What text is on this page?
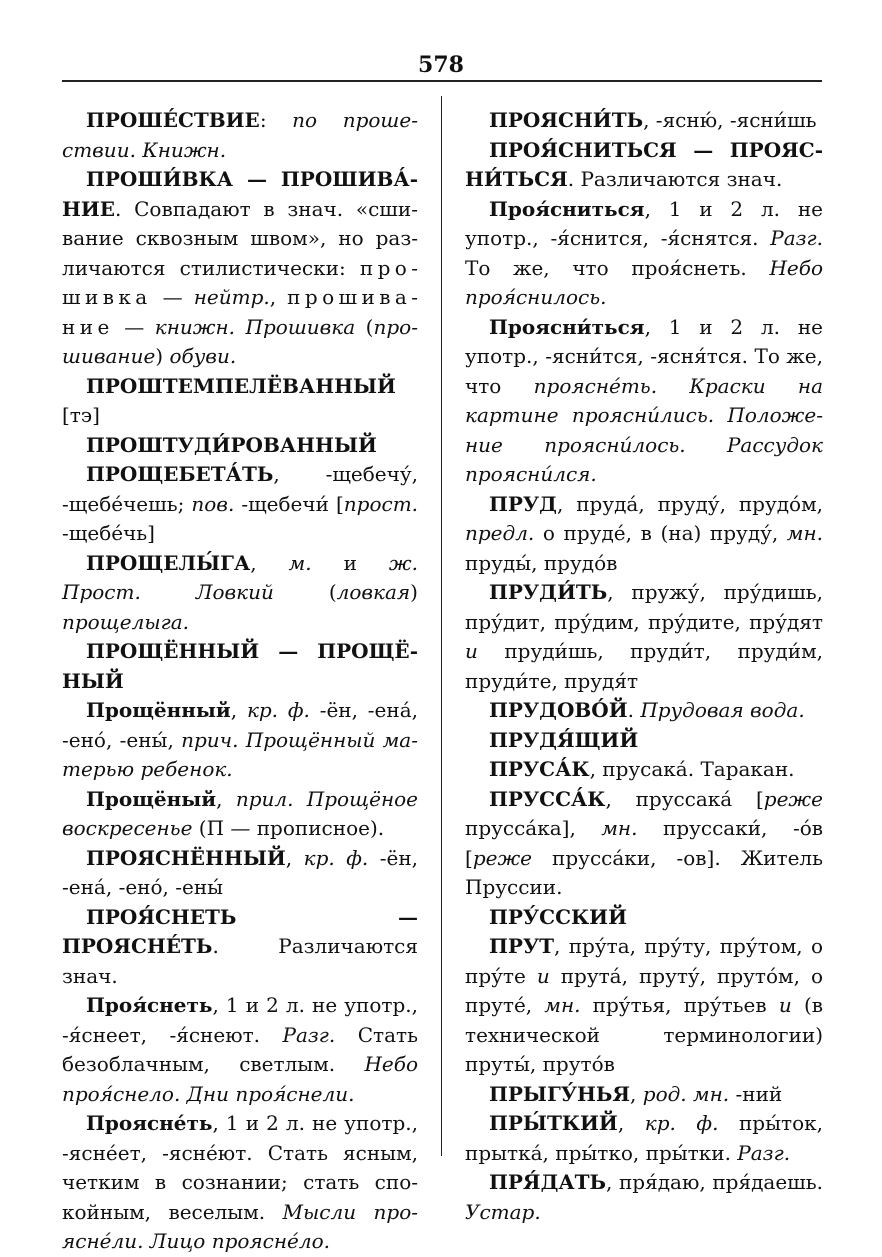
578

ПРОШЕ́СТВИЕ: по прошествии. Книжн.

ПРОШИ́ВКА — ПРОШИВА́НИЕ. Совпадают в знач. «сшивание сквозным швом», но различаются стилистически: прошивка — нейтр., прошивание — книжн. Прошивка (прошивание) обуви.

ПРОШТЕМПЕЛЁВАННЫЙ [тэ]

ПРОШТУДИ́РОВАННЫЙ

ПРОЩЕБЕТА́ТЬ, -щебечу́, -щебе́чешь; пов. -щебечи́ [прост. -щебе́чь]

ПРОЩЕЛЫ́ГА, м. и ж. Прост. Ловкий (ловкая) прощелыга.

ПРОЩЁННЫЙ — ПРОЩЁНЫЙ

Прощённый, кр. ф. -ён, -ена́, -ено́, -ены́, прич. Прощённый матерью ребенок.

Прощёный, прил. Прощёное воскресенье (П — прописное).

ПРОЯСНЁННЫЙ, кр. ф. -ён, -ена́, -ено́, -ены́

ПРОЯ́СНЕТЬ — ПРОЯСНЕ́ТЬ. Различаются знач.

Проя́снеть, 1 и 2 л. не употр., -я́снеет, -я́снеют. Разг. Стать безоблачным, светлым. Небо проя́снело. Дни проя́снели.

Проясне́ть, 1 и 2 л. не употр., -ясне́ет, -ясне́ют. Стать ясным, четким в сознании; стать спокойным, веселым. Мысли проясне́ли. Лицо проясне́ло.

ПРОЯСНИ́ТЬ, -ясню́, -ясни́шь

ПРОЯ́СНИТЬСЯ — ПРОЯСНИ́ТЬСЯ. Различаются знач.

Проя́сниться, 1 и 2 л. не употр., -я́снится, -я́снятся. Разг. То же, что проя́снеть. Небо проя́снилось.

Проясни́ться, 1 и 2 л. не употр., -ясни́тся, -ясня́тся. То же, что проясне́ть. Краски на картине проясни́лись. Положение проясни́лось. Рассудок проясни́лся.

ПРУД, пруда́, пруду́, прудо́м, предл. о пруде́, в (на) пруду́, мн. пруды́, прудо́в

ПРУДИ́ТЬ, пружу́, пру́дишь, пру́дит, пру́дим, пру́дите, пру́дят и пруди́шь, пруди́т, пруди́м, пруди́те, прудя́т

ПРУДОВО́Й. Прудовая вода.

ПРУДЯ́ЩИЙ

ПРУСА́К, прусака́. Таракан.

ПРУССА́К, пруссака́ [реже прусса́ка], мн. пруссаки́, -о́в [реже прусса́ки, -ов]. Житель Пруссии.

ПРУ́ССКИЙ

ПРУТ, пру́та, пру́ту, пру́том, о пру́те и прута́, пруту́, пруто́м, о пруте́, мн. пру́тья, пру́тьев и (в технической терминологии) пруты́, пруто́в

ПРЫГУ́НЬЯ, род. мн. -ний

ПРЫ́ТКИЙ, кр. ф. пры́ток, прытка́, пры́тко, пры́тки. Разг.

ПРЯ́ДАТЬ, пря́даю, пря́даешь. Устар.
